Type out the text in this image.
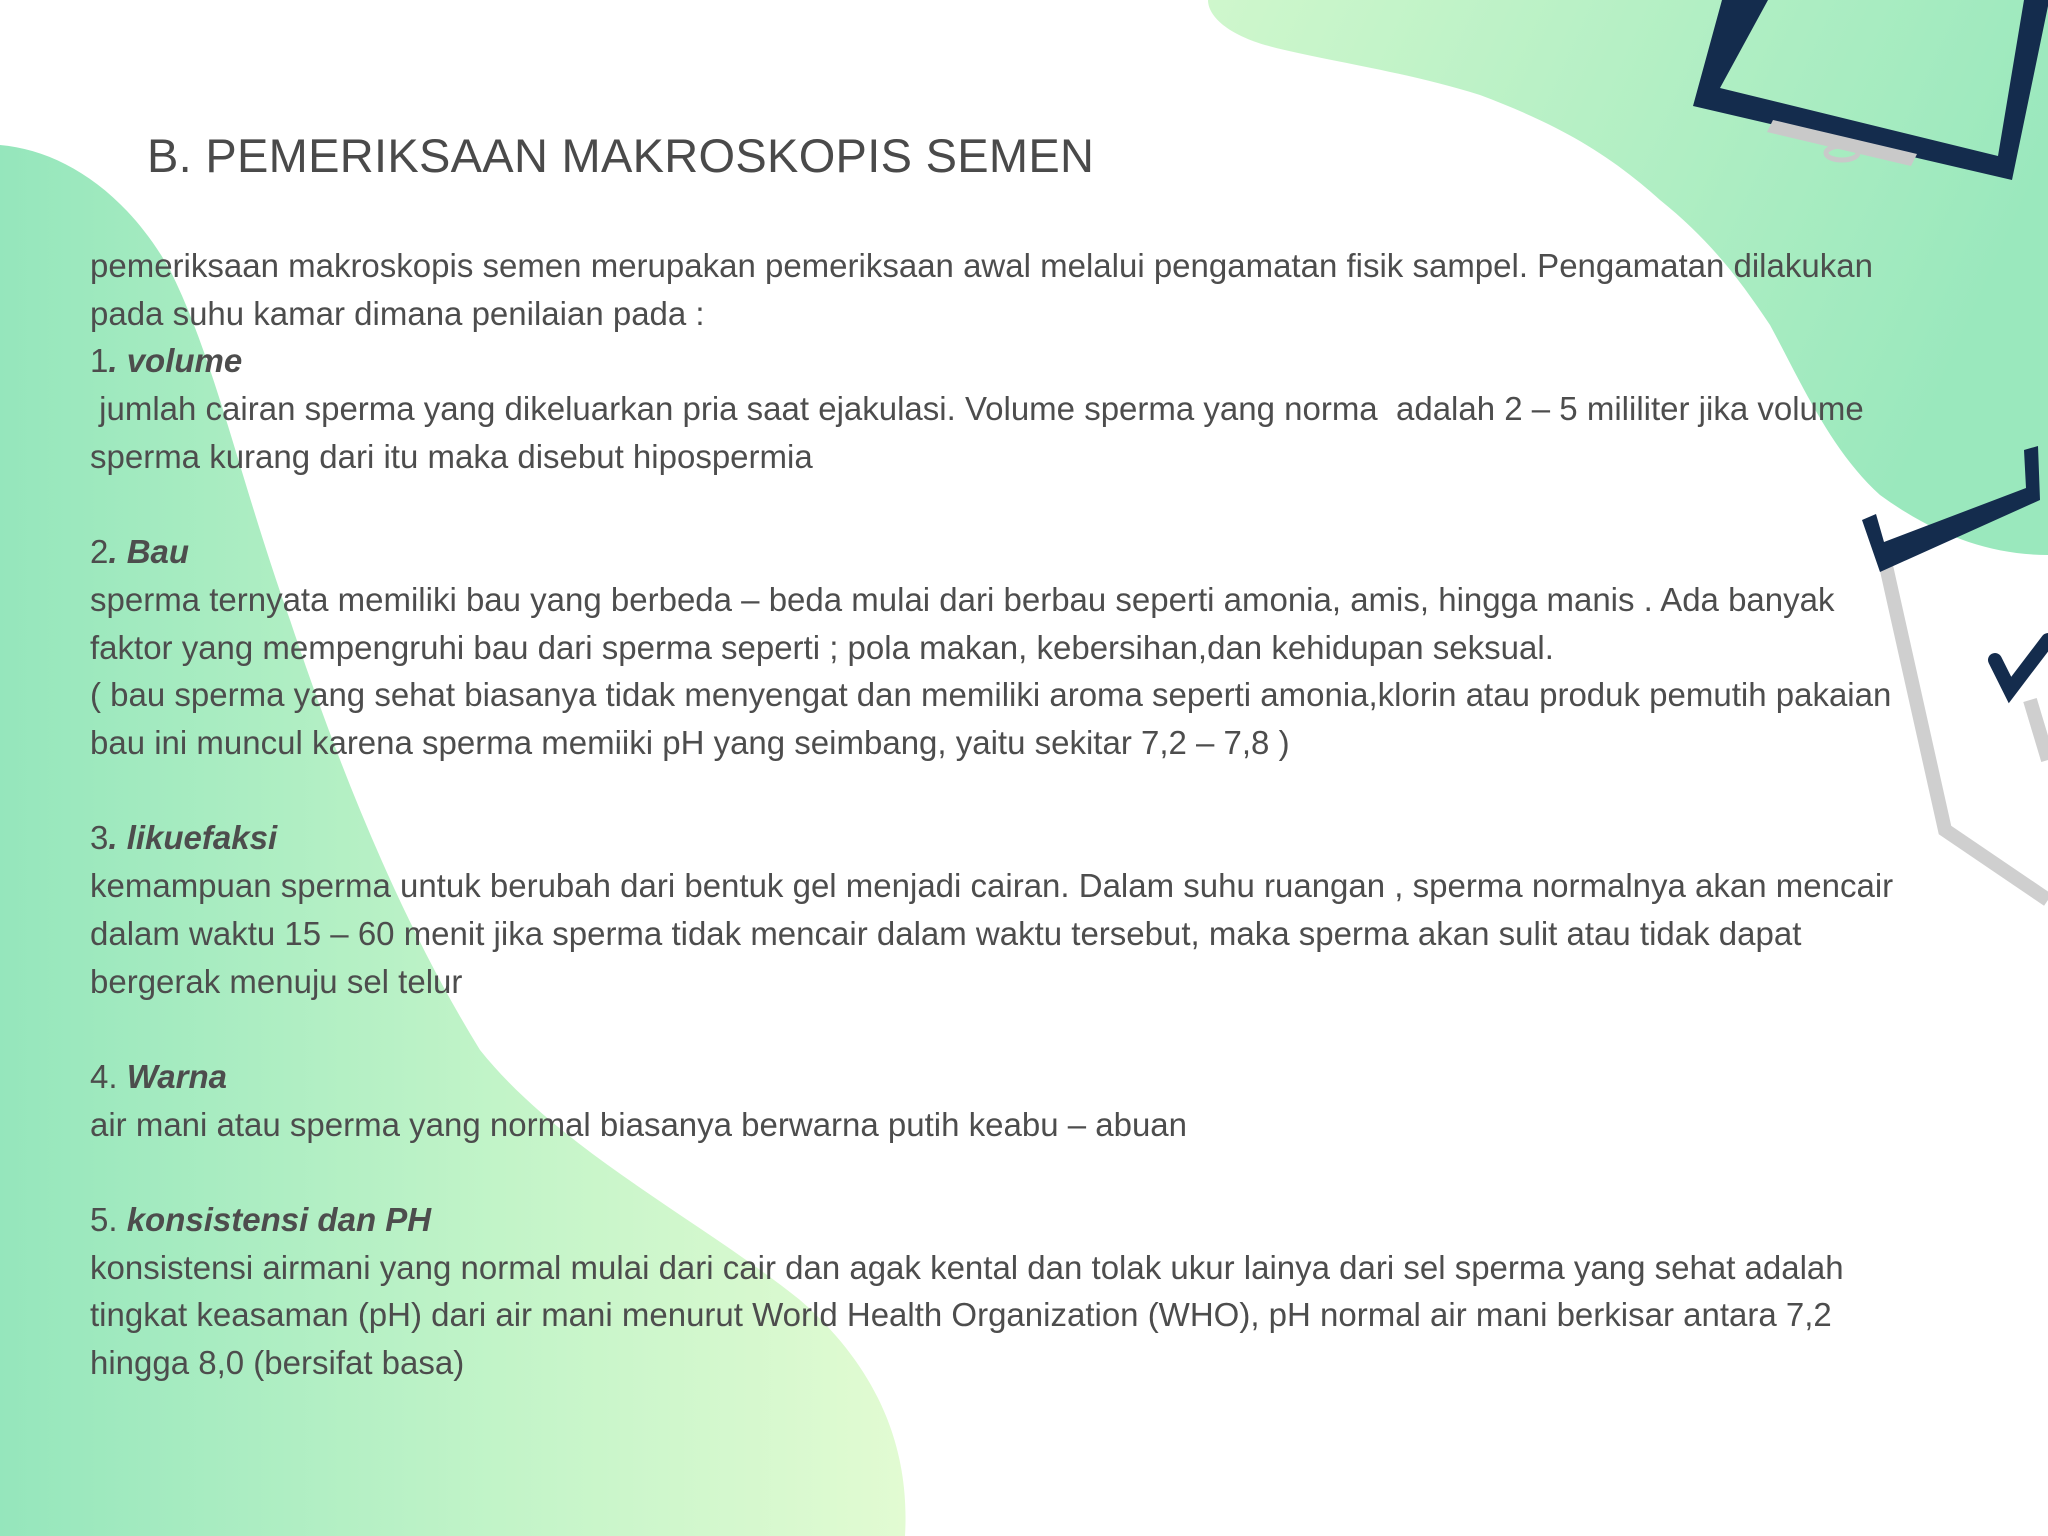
B. PEMERIKSAAN MAKROSKOPIS SEMEN

pemeriksaan makroskopis semen merupakan pemeriksaan awal melalui pengamatan fisik sampel. Pengamatan dilakukan pada suhu kamar dimana penilaian pada :

1. volume

jumlah cairan sperma yang dikeluarkan pria saat ejakulasi. Volume sperma yang norma  adalah 2 – 5 mililiter jika volume sperma kurang dari itu maka disebut hipospermia

2. Bau

sperma ternyata memiliki bau yang berbeda – beda mulai dari berbau seperti amonia, amis, hingga manis . Ada banyak faktor yang mempengruhi bau dari sperma seperti ; pola makan, kebersihan,dan kehidupan seksual.

( bau sperma yang sehat biasanya tidak menyengat dan memiliki aroma seperti amonia,klorin atau produk pemutih pakaian bau ini muncul karena sperma memiiki pH yang seimbang, yaitu sekitar 7,2 – 7,8 )

3. likuefaksi

kemampuan sperma untuk berubah dari bentuk gel menjadi cairan. Dalam suhu ruangan , sperma normalnya akan mencair dalam waktu 15 – 60 menit jika sperma tidak mencair dalam waktu tersebut, maka sperma akan sulit atau tidak dapat bergerak menuju sel telur

4. Warna

air mani atau sperma yang normal biasanya berwarna putih keabu – abuan

5. konsistensi dan PH

konsistensi airmani yang normal mulai dari cair dan agak kental dan tolak ukur lainya dari sel sperma yang sehat adalah tingkat keasaman (pH) dari air mani menurut World Health Organization (WHO), pH normal air mani berkisar antara 7,2 hingga 8,0 (bersifat basa)
